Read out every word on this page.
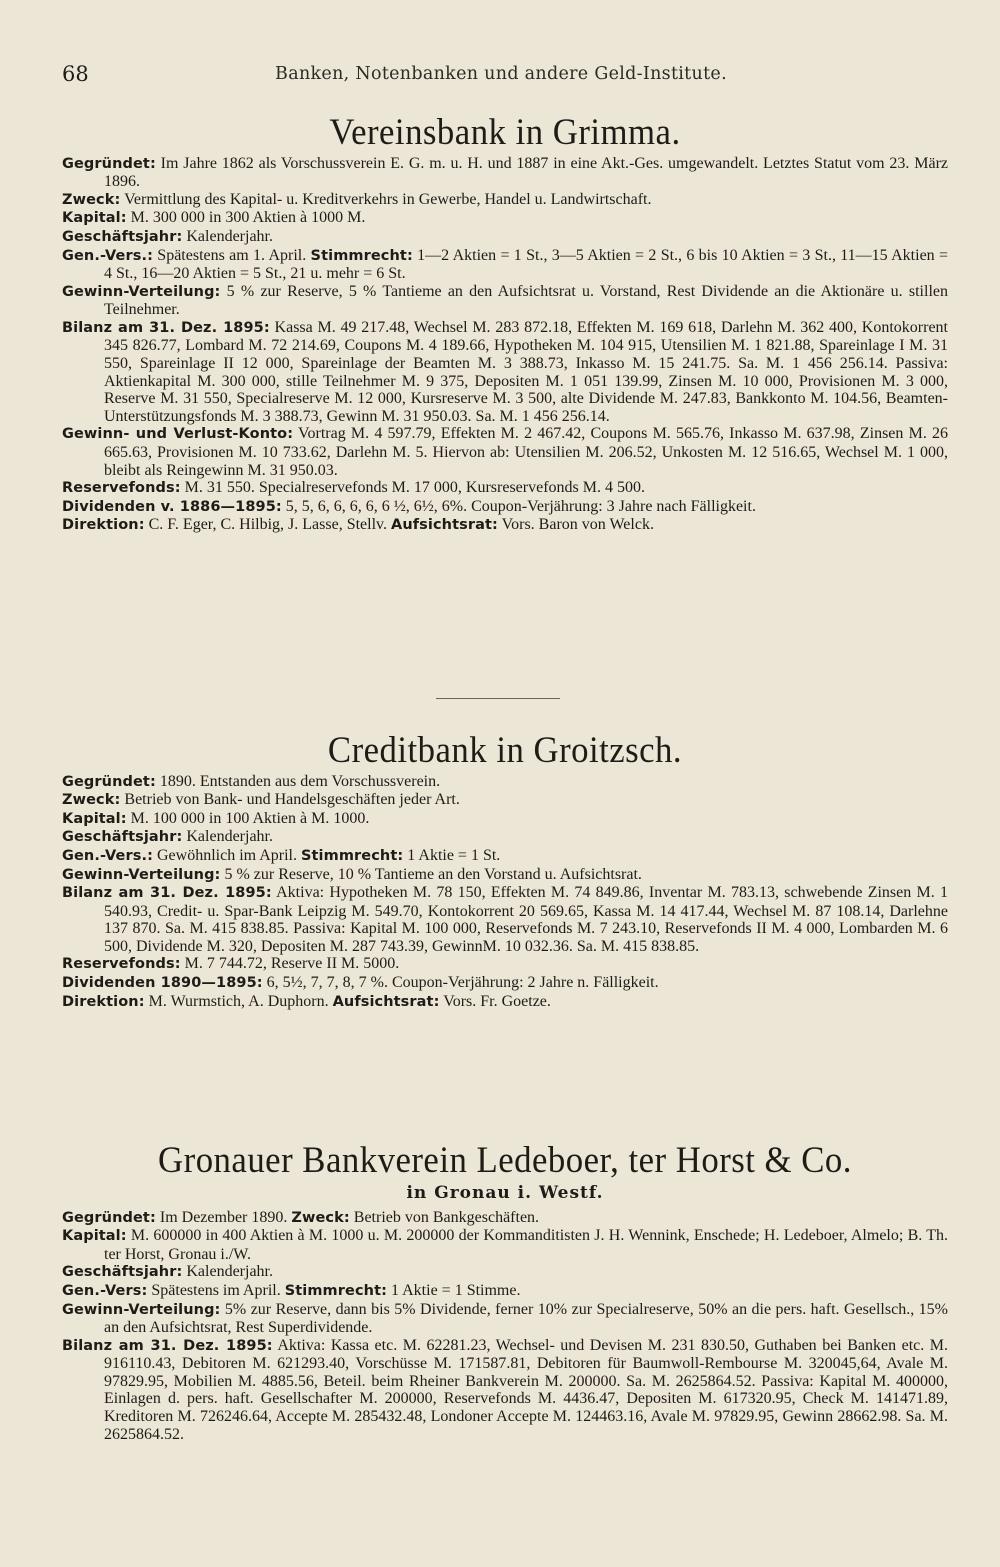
68	Banken, Notenbanken und andere Geld-Institute.
Vereinsbank in Grimma.

Gegründet: Im Jahre 1862 als Vorschussverein E. G. m. u. H. und 1887 in eine Akt.-Ges. umgewandelt. Letztes Statut vom 23. März 1896.

Zweck: Vermittlung des Kapital- u. Kreditverkehrs in Gewerbe, Handel u. Landwirtschaft.

Kapital: M. 300 000 in 300 Aktien à 1000 M.

Geschäftsjahr: Kalenderjahr.

Gen.-Vers.: Spätestens am 1. April. Stimmrecht: 1—2 Aktien = 1 St., 3—5 Aktien = 2 St., 6 bis 10 Aktien = 3 St., 11—15 Aktien = 4 St., 16—20 Aktien = 5 St., 21 u. mehr = 6 St.

Gewinn-Verteilung: 5 % zur Reserve, 5 % Tantieme an den Aufsichtsrat u. Vorstand, Rest Dividende an die Aktionäre u. stillen Teilnehmer.

Bilanz am 31. Dez. 1895: Kassa M. 49 217.48, Wechsel M. 283 872.18, Effekten M. 169 618, Darlehn M. 362 400, Kontokorrent 345 826.77, Lombard M. 72 214.69, Coupons M. 4 189.66, Hypotheken M. 104 915, Utensilien M. 1 821.88, Spareinlage I M. 31 550, Spareinlage II 12 000, Spareinlage der Beamten M. 3 388.73, Inkasso M. 15 241.75. Sa. M. 1 456 256.14. Passiva: Aktienkapital M. 300 000, stille Teilnehmer M. 9 375, Depositen M. 1 051 139.99, Zinsen M. 10 000, Provisionen M. 3 000, Reserve M. 31 550, Specialreserve M. 12 000, Kursreserve M. 3 500, alte Dividende M. 247.83, Bankkonto M. 104.56, Beamten-Unterstützungsfonds M. 3 388.73, Gewinn M. 31 950.03. Sa. M. 1 456 256.14.

Gewinn- und Verlust-Konto: Vortrag M. 4 597.79, Effekten M. 2 467.42, Coupons M. 565.76, Inkasso M. 637.98, Zinsen M. 26 665.63, Provisionen M. 10 733.62, Darlehn M. 5. Hiervon ab: Utensilien M. 206.52, Unkosten M. 12 516.65, Wechsel M. 1 000, bleibt als Reingewinn M. 31 950.03.

Reservefonds: M. 31 550. Specialreservefonds M. 17 000, Kursreservefonds M. 4 500.

Dividenden v. 1886—1895: 5, 5, 6, 6, 6, 6, 6 ½, 6½, 6%. Coupon-Verjährung: 3 Jahre nach Fälligkeit.

Direktion: C. F. Eger, C. Hilbig, J. Lasse, Stellv. Aufsichtsrat: Vors. Baron von Welck.

Creditbank in Groitzsch.

Gegründet: 1890. Entstanden aus dem Vorschussverein.

Zweck: Betrieb von Bank- und Handelsgeschäften jeder Art.

Kapital: M. 100 000 in 100 Aktien à M. 1000.

Geschäftsjahr: Kalenderjahr.

Gen.-Vers.: Gewöhnlich im April. Stimmrecht: 1 Aktie = 1 St.

Gewinn-Verteilung: 5 % zur Reserve, 10 % Tantieme an den Vorstand u. Aufsichtsrat.

Bilanz am 31. Dez. 1895: Aktiva: Hypotheken M. 78 150, Effekten M. 74 849.86, Inventar M. 783.13, schwebende Zinsen M. 1 540.93, Credit- u. Spar-Bank Leipzig M. 549.70, Kontokorrent 20 569.65, Kassa M. 14 417.44, Wechsel M. 87 108.14, Darlehne 137 870. Sa. M. 415 838.85. Passiva: Kapital M. 100 000, Reservefonds M. 7 243.10, Reservefonds II M. 4 000, Lombarden M. 6 500, Dividende M. 320, Depositen M. 287 743.39, GewinnM. 10 032.36. Sa. M. 415 838.85.

Reservefonds: M. 7 744.72, Reserve II M. 5000.

Dividenden 1890—1895: 6, 5½, 7, 7, 8, 7 %. Coupon-Verjährung: 2 Jahre n. Fälligkeit.

Direktion: M. Wurmstich, A. Duphorn. Aufsichtsrat: Vors. Fr. Goetze.

Gronauer Bankverein Ledeboer, ter Horst & Co.

in Gronau i. Westf.

Gegründet: Im Dezember 1890. Zweck: Betrieb von Bankgeschäften.

Kapital: M. 600000 in 400 Aktien à M. 1000 u. M. 200000 der Kommanditisten J. H. Wennink, Enschede; H. Ledeboer, Almelo; B. Th. ter Horst, Gronau i./W.

Geschäftsjahr: Kalenderjahr.

Gen.-Vers: Spätestens im April. Stimmrecht: 1 Aktie = 1 Stimme.

Gewinn-Verteilung: 5% zur Reserve, dann bis 5% Dividende, ferner 10% zur Specialreserve, 50% an die pers. haft. Gesellsch., 15% an den Aufsichtsrat, Rest Superdividende.

Bilanz am 31. Dez. 1895: Aktiva: Kassa etc. M. 62281.23, Wechsel- und Devisen M. 231 830.50, Guthaben bei Banken etc. M. 916110.43, Debitoren M. 621293.40, Vorschüsse M. 171587.81, Debitoren für Baumwoll-Rembourse M. 320045,64, Avale M. 97829.95, Mobilien M. 4885.56, Beteil. beim Rheiner Bankverein M. 200000. Sa. M. 2625864.52. Passiva: Kapital M. 400000, Einlagen d. pers. haft. Gesellschafter M. 200000, Reservefonds M. 4436.47, Depositen M. 617320.95, Check M. 141471.89, Kreditoren M. 726246.64, Accepte M. 285432.48, Londoner Accepte M. 124463.16, Avale M. 97829.95, Gewinn 28662.98. Sa. M. 2625864.52.
